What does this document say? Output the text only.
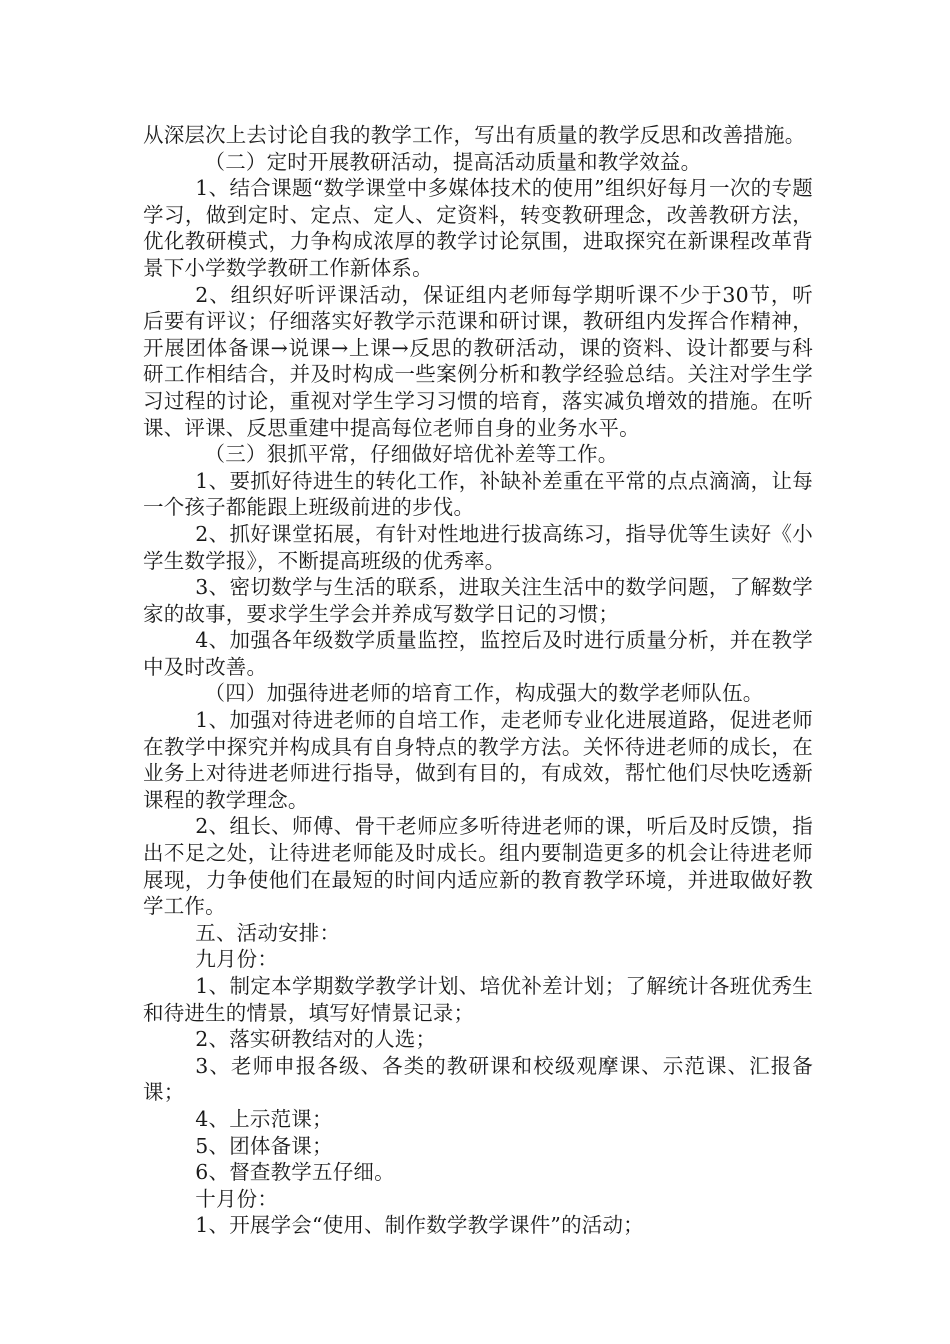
从深层次上去讨论自我的教学工作，写出有质量的教学反思和改善措施。

（二）定时开展教研活动，提高活动质量和教学效益。

1、结合课题“数学课堂中多媒体技术的使用”组织好每月一次的专题学习，做到定时、定点、定人、定资料，转变教研理念，改善教研方法，优化教研模式，力争构成浓厚的教学讨论氛围，进取探究在新课程改革背景下小学数学教研工作新体系。

2、组织好听评课活动，保证组内老师每学期听课不少于30节，听后要有评议；仔细落实好教学示范课和研讨课，教研组内发挥合作精神，开展团体备课→说课→上课→反思的教研活动，课的资料、设计都要与科研工作相结合，并及时构成一些案例分析和教学经验总结。关注对学生学习过程的讨论，重视对学生学习习惯的培育，落实减负增效的措施。在听课、评课、反思重建中提高每位老师自身的业务水平。

（三）狠抓平常，仔细做好培优补差等工作。

1、要抓好待进生的转化工作，补缺补差重在平常的点点滴滴，让每一个孩子都能跟上班级前进的步伐。

2、抓好课堂拓展，有针对性地进行拔高练习，指导优等生读好《小学生数学报》，不断提高班级的优秀率。

3、密切数学与生活的联系，进取关注生活中的数学问题，了解数学家的故事，要求学生学会并养成写数学日记的习惯；

4、加强各年级数学质量监控，监控后及时进行质量分析，并在教学中及时改善。

（四）加强待进老师的培育工作，构成强大的数学老师队伍。

1、加强对待进老师的自培工作，走老师专业化进展道路，促进老师在教学中探究并构成具有自身特点的教学方法。关怀待进老师的成长，在业务上对待进老师进行指导，做到有目的，有成效，帮忙他们尽快吃透新课程的教学理念。

2、组长、师傅、骨干老师应多听待进老师的课，听后及时反馈，指出不足之处，让待进老师能及时成长。组内要制造更多的机会让待进老师展现，力争使他们在最短的时间内适应新的教育教学环境，并进取做好教学工作。

五、活动安排：

九月份：

1、制定本学期数学教学计划、培优补差计划；了解统计各班优秀生和待进生的情景，填写好情景记录；

2、落实研教结对的人选；

3、老师申报各级、各类的教研课和校级观摩课、示范课、汇报备课；

4、上示范课；

5、团体备课；

6、督查教学五仔细。

十月份：

1、开展学会“使用、制作数学教学课件”的活动；
